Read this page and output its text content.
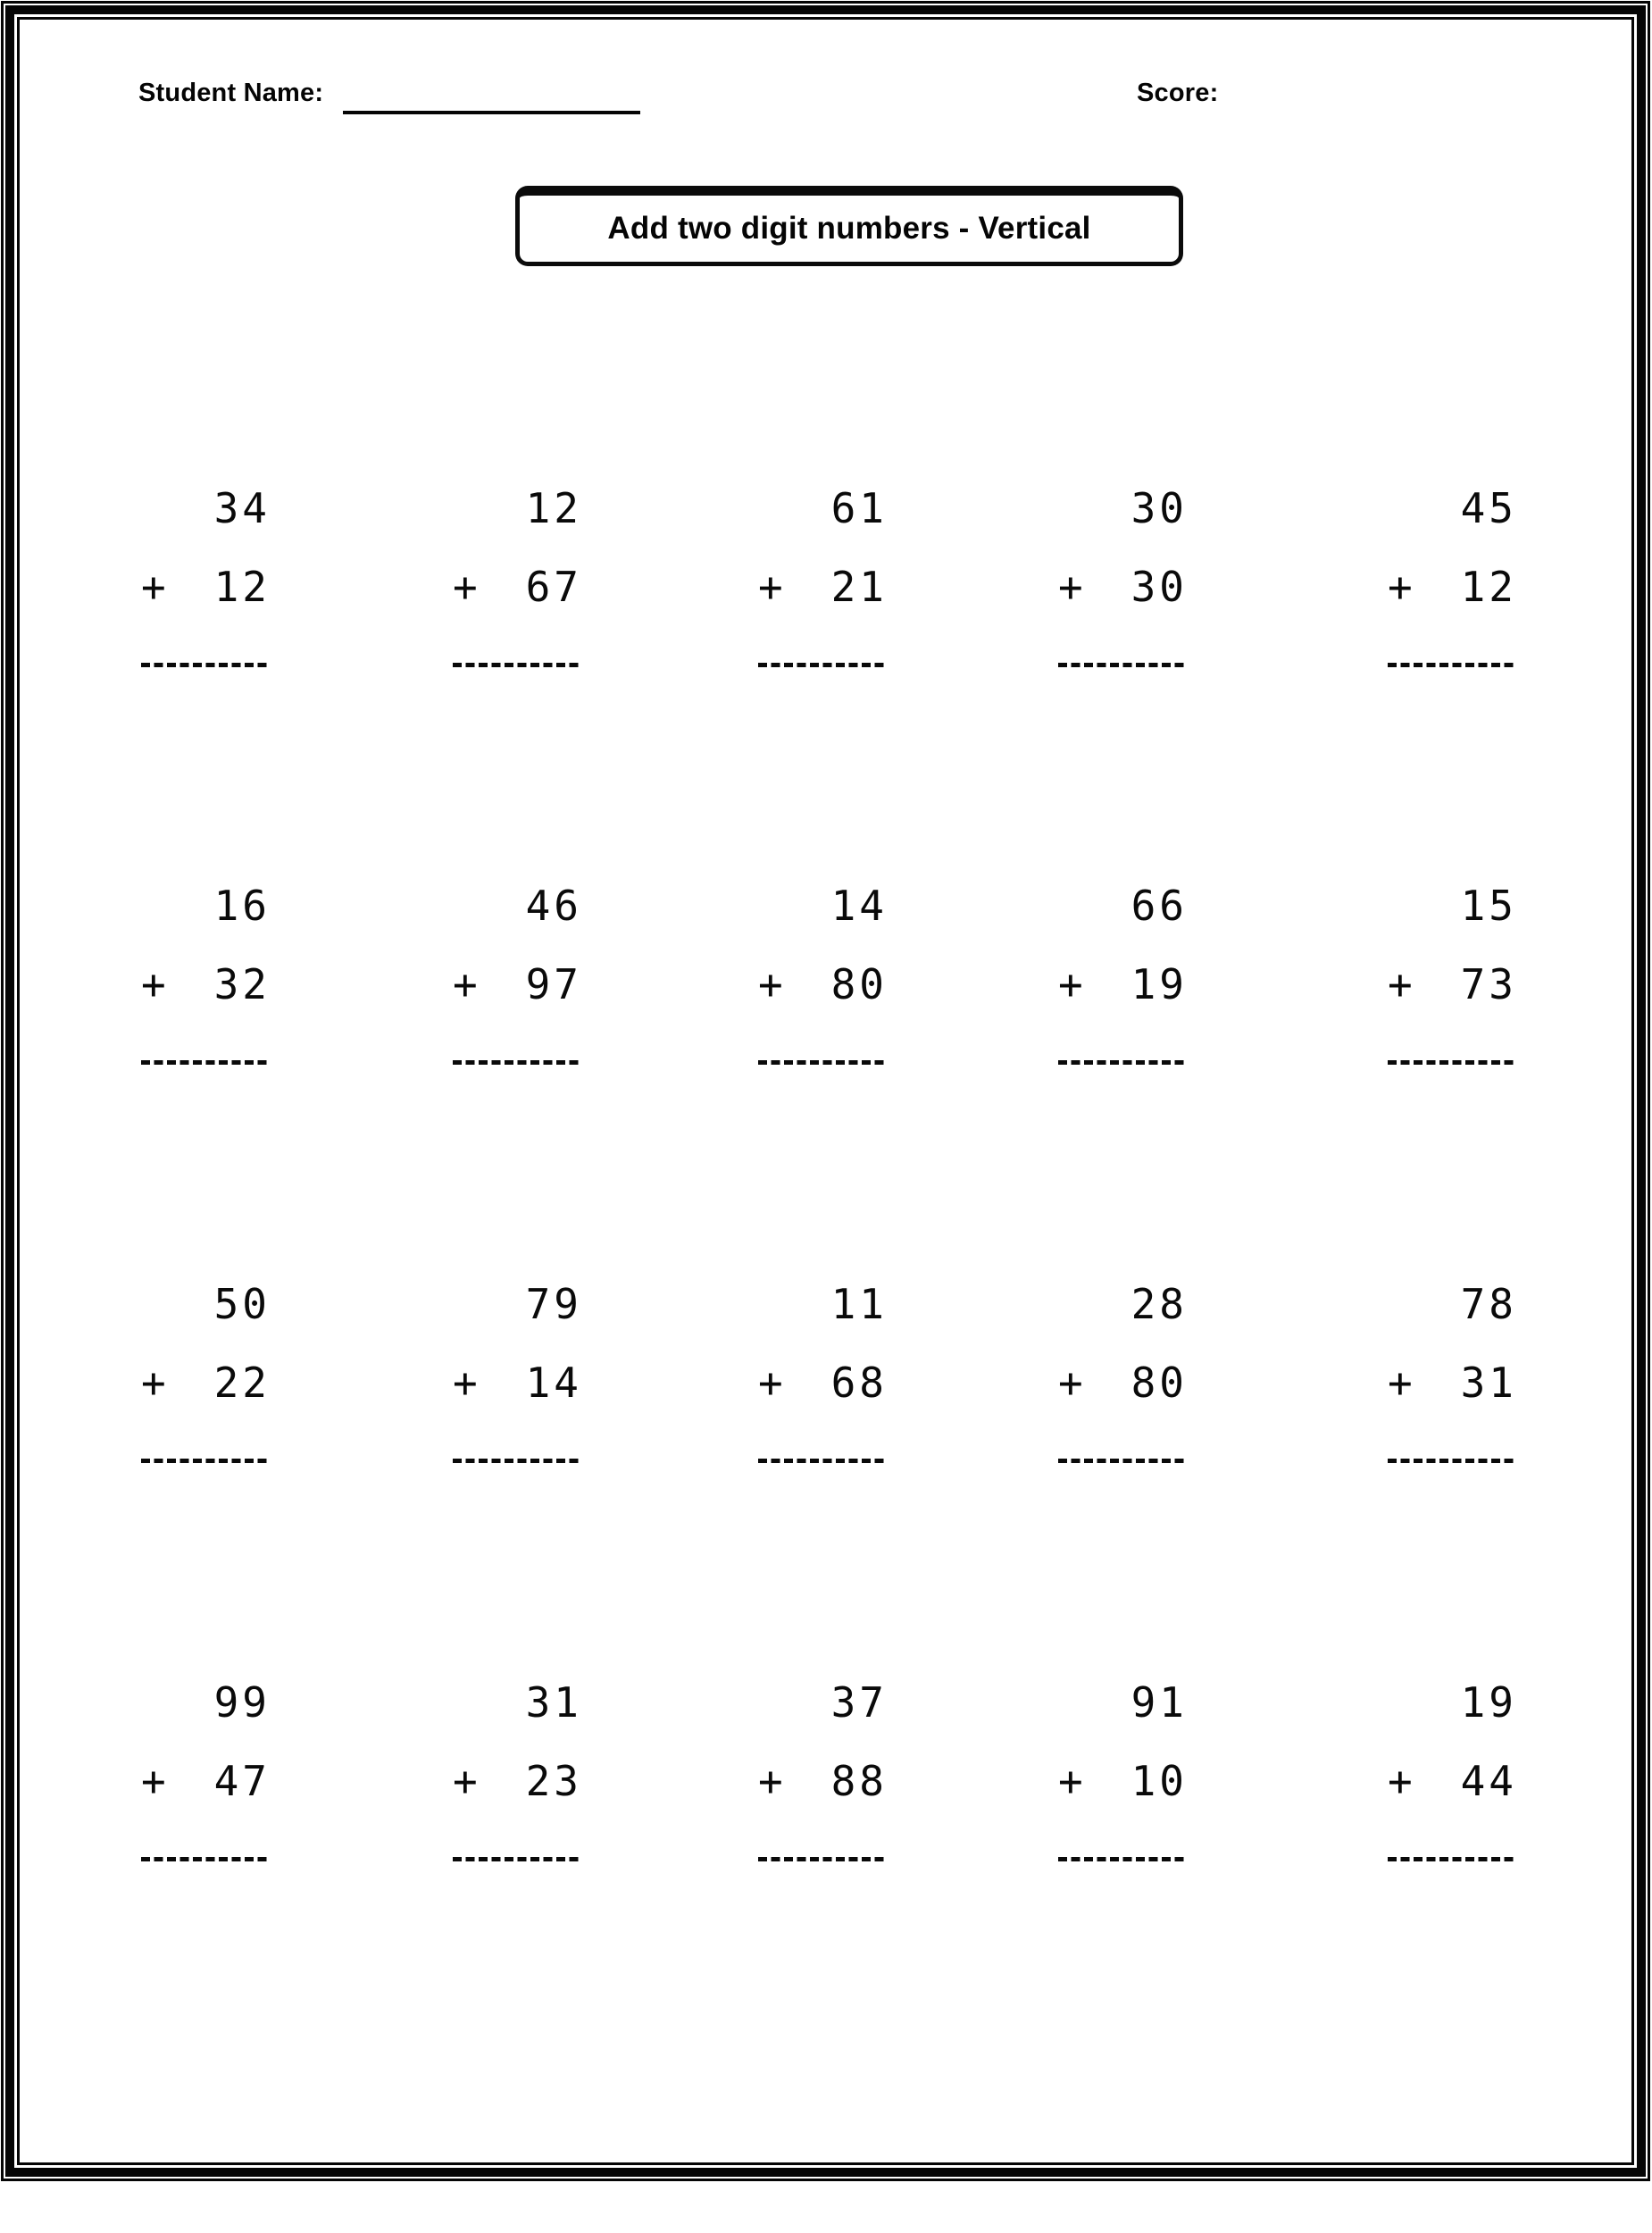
Student Name:	Score:
Add two digit numbers - Vertical
34
+	12
12
+	67
61
+	21
30
+	30
45
+	12
16
+	32
46
+	97
14
+	80
66
+	19
15
+	73
50
+	22
79
+	14
11
+	68
28
+	80
78
+	31
99
+	47
31
+	23
37
+	88
91
+	10
19
+	44
